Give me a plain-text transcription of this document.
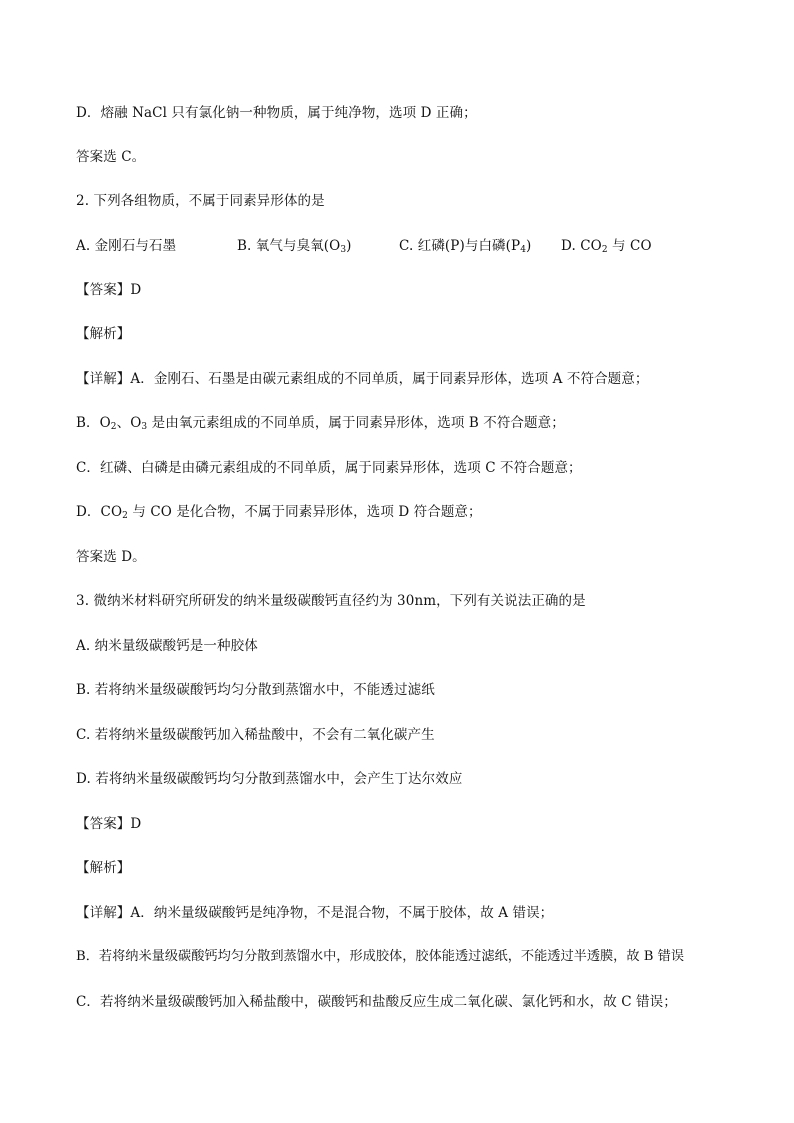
D．熔融 NaCl 只有氯化钠一种物质，属于纯净物，选项 D 正确；
答案选 C。
2. 下列各组物质，不属于同素异形体的是
A. 金刚石与石墨	B. 氧气与臭氧$(O_3)$	C. 红磷(P)与白磷$(P_4)$ D. $CO_2$ 与 CO
【答案】D
【解析】
【详解】A．金刚石、石墨是由碳元素组成的不同单质，属于同素异形体，选项 A 不符合题意；
B．$O_2$、$O_3$ 是由氧元素组成的不同单质，属于同素异形体，选项 B 不符合题意；
C．红磷、白磷是由磷元素组成的不同单质，属于同素异形体，选项 C 不符合题意；
D．$CO_2$ 与 CO 是化合物，不属于同素异形体，选项 D 符合题意；
答案选 D。
3. 微纳米材料研究所研发的纳米量级碳酸钙直径约为 30nm，下列有关说法正确的是
A. 纳米量级碳酸钙是一种胶体
B. 若将纳米量级碳酸钙均匀分散到蒸馏水中，不能透过滤纸
C. 若将纳米量级碳酸钙加入稀盐酸中，不会有二氧化碳产生
D. 若将纳米量级碳酸钙均匀分散到蒸馏水中，会产生丁达尔效应
【答案】D
【解析】
【详解】A．纳米量级碳酸钙是纯净物，不是混合物，不属于胶体，故 A 错误；
B．若将纳米量级碳酸钙均匀分散到蒸馏水中，形成胶体，胶体能透过滤纸，不能透过半透膜，故 B 错误
C．若将纳米量级碳酸钙加入稀盐酸中，碳酸钙和盐酸反应生成二氧化碳、氯化钙和水，故 C 错误；
